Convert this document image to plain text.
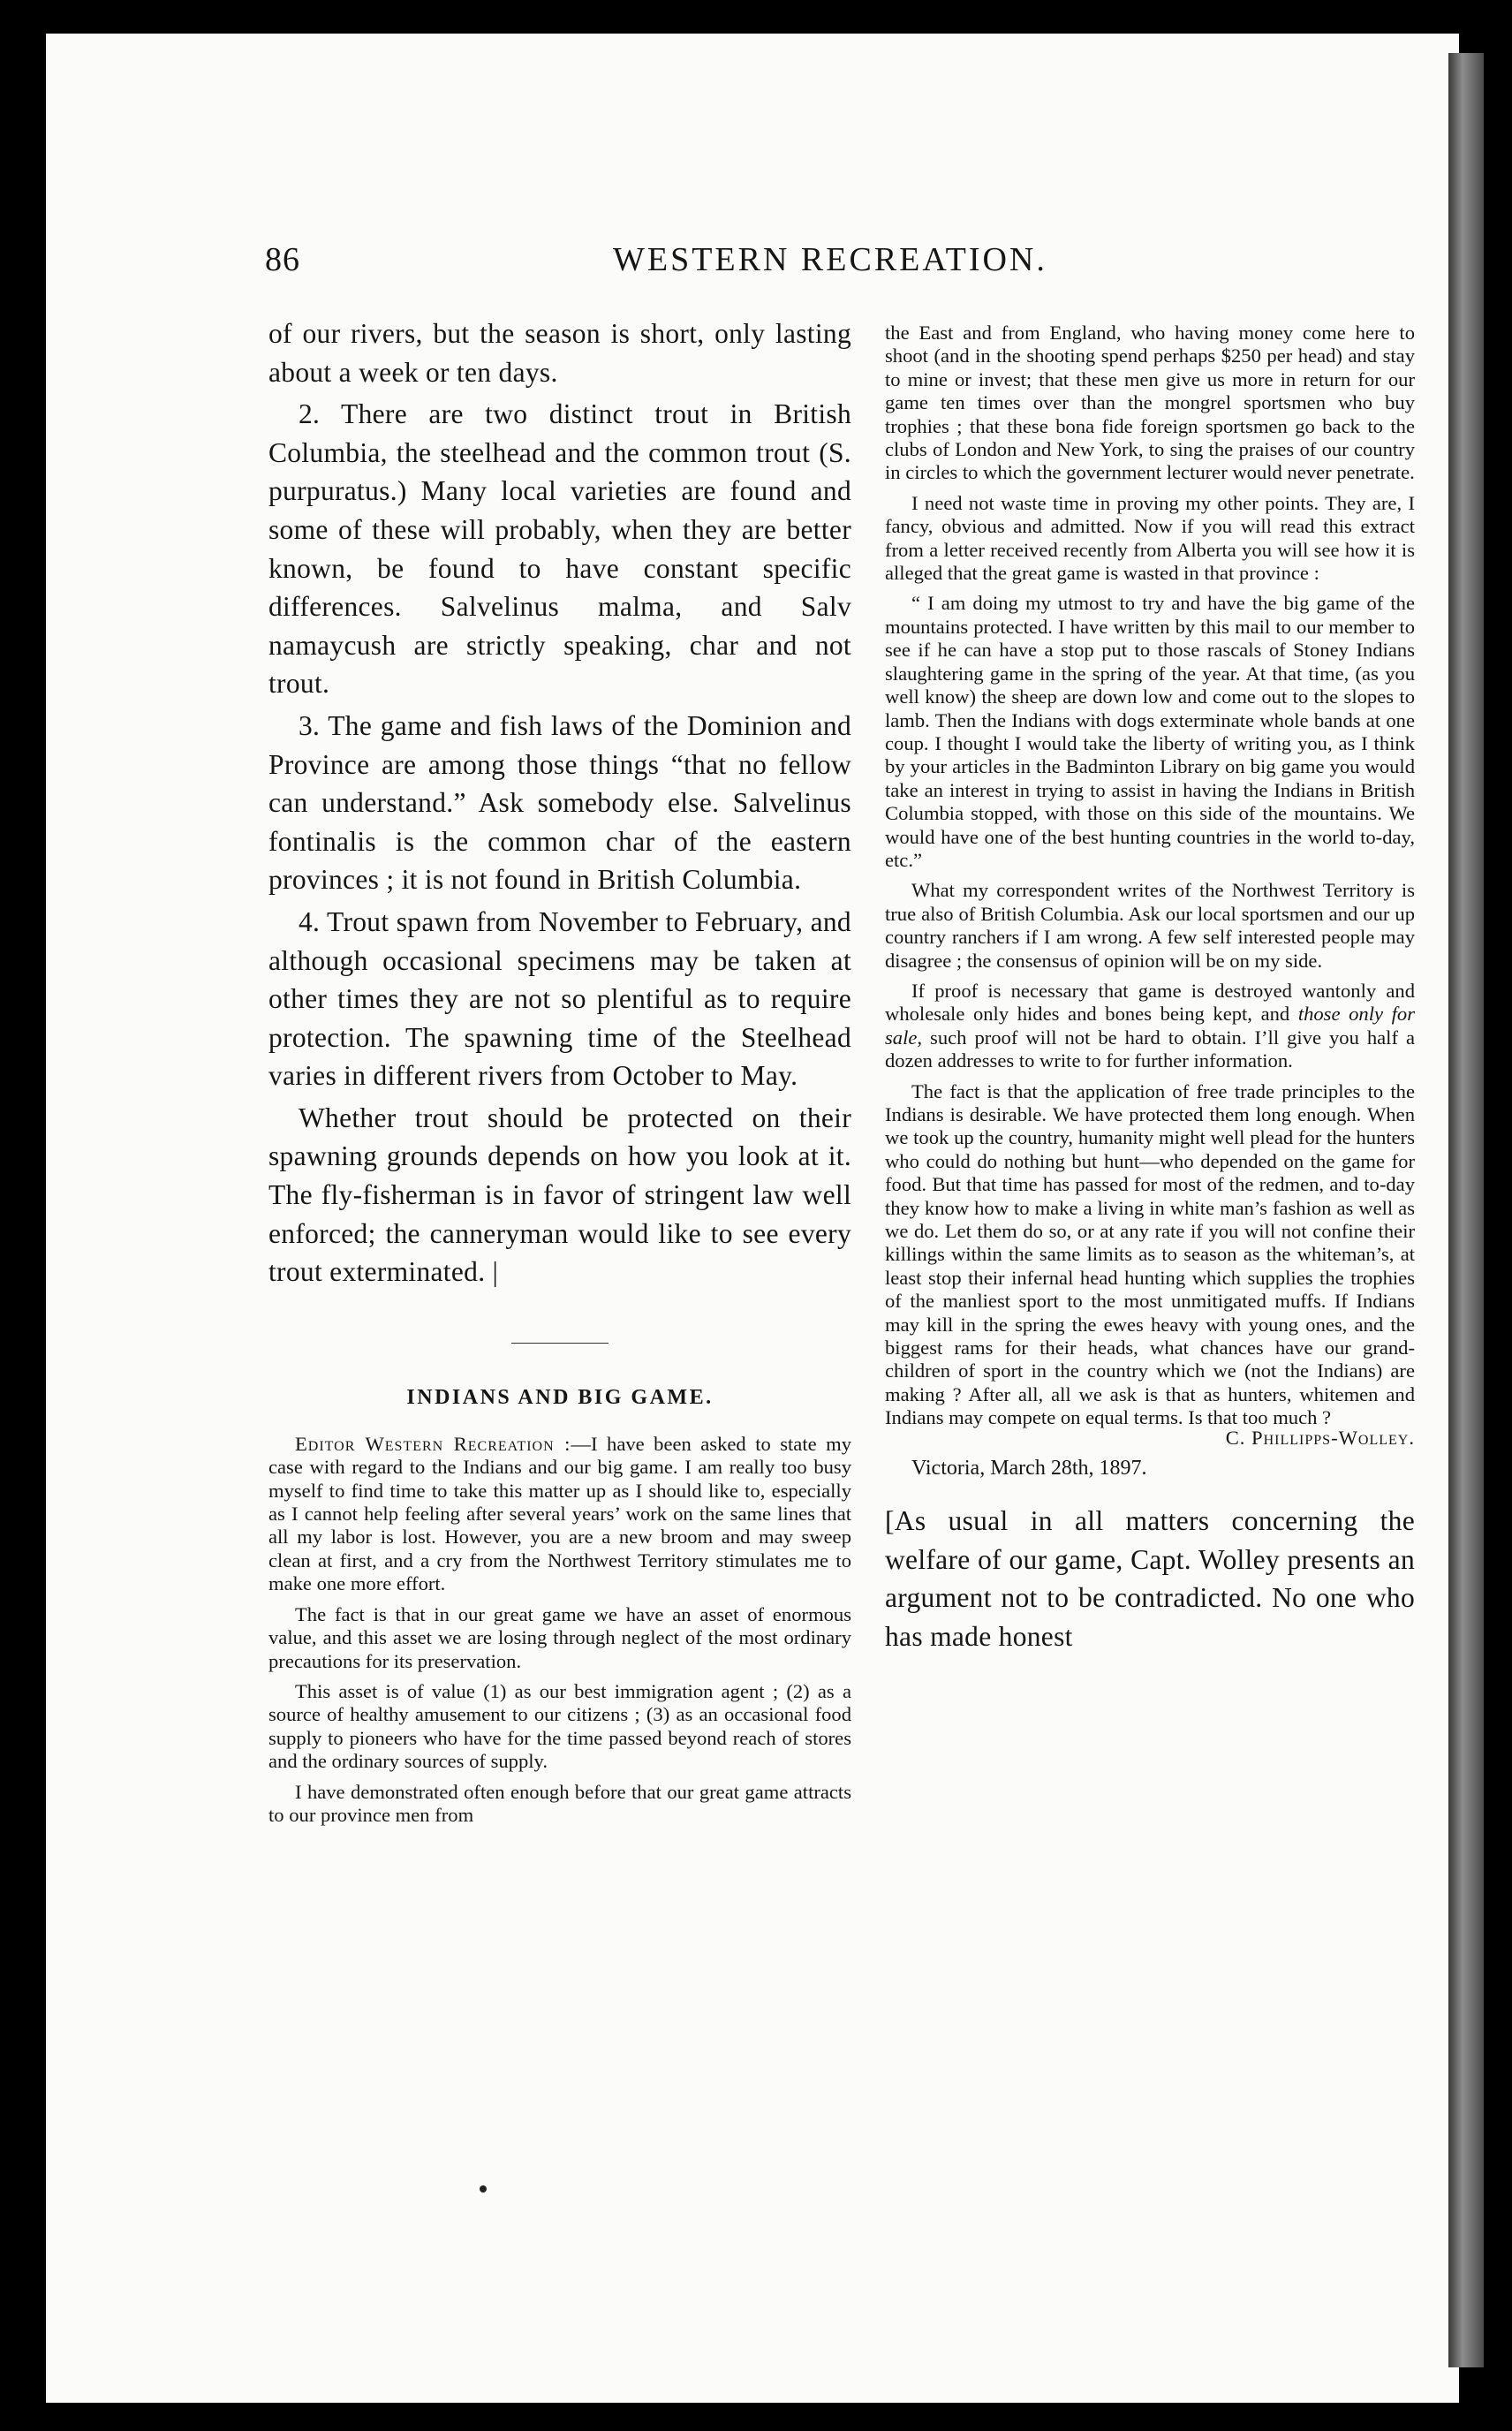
86	WESTERN RECREATION.

of our rivers, but the season is short, only lasting about a week or ten days.

2. There are two distinct trout in British Columbia, the steelhead and the common trout (S. purpuratus.) Many local varieties are found and some of these will probably, when they are better known, be found to have constant specific differences. Salvelinus malma, and Salv namaycush are strictly speaking, char and not trout.

3. The game and fish laws of the Dominion and Province are among those things “that no fellow can understand.” Ask somebody else. Salvelinus fontinalis is the common char of the eastern provinces ; it is not found in British Columbia.

4. Trout spawn from November to February, and although occasional specimens may be taken at other times they are not so plentiful as to require protection. The spawning time of the Steelhead varies in different rivers from October to May.

Whether trout should be protected on their spawning grounds depends on how you look at it. The fly-fisherman is in favor of stringent law well enforced; the canneryman would like to see every trout exterminated. |

INDIANS AND BIG GAME.

Editor Western Recreation :—I have been asked to state my case with regard to the Indians and our big game. I am really too busy myself to find time to take this matter up as I should like to, especially as I cannot help feeling after several years’ work on the same lines that all my labor is lost. However, you are a new broom and may sweep clean at first, and a cry from the Northwest Territory stimulates me to make one more effort.

The fact is that in our great game we have an asset of enormous value, and this asset we are losing through neglect of the most ordinary precautions for its preservation.

This asset is of value (1) as our best immigration agent ; (2) as a source of healthy amusement to our citizens ; (3) as an occasional food supply to pioneers who have for the time passed beyond reach of stores and the ordinary sources of supply.

I have demonstrated often enough before that our great game attracts to our province men from

the East and from England, who having money come here to shoot (and in the shooting spend perhaps $250 per head) and stay to mine or invest; that these men give us more in return for our game ten times over than the mongrel sportsmen who buy trophies ; that these bona fide foreign sportsmen go back to the clubs of London and New York, to sing the praises of our country in circles to which the government lecturer would never penetrate.

I need not waste time in proving my other points. They are, I fancy, obvious and admitted. Now if you will read this extract from a letter received recently from Alberta you will see how it is alleged that the great game is wasted in that province :

“ I am doing my utmost to try and have the big game of the mountains protected. I have written by this mail to our member to see if he can have a stop put to those rascals of Stoney Indians slaughtering game in the spring of the year. At that time, (as you well know) the sheep are down low and come out to the slopes to lamb. Then the Indians with dogs exterminate whole bands at one coup. I thought I would take the liberty of writing you, as I think by your articles in the Badminton Library on big game you would take an interest in trying to assist in having the Indians in British Columbia stopped, with those on this side of the mountains. We would have one of the best hunting countries in the world to-day, etc.”

What my correspondent writes of the Northwest Territory is true also of British Columbia. Ask our local sportsmen and our up country ranchers if I am wrong. A few self interested people may disagree ; the consensus of opinion will be on my side.

If proof is necessary that game is destroyed wantonly and wholesale only hides and bones being kept, and those only for sale, such proof will not be hard to obtain. I’ll give you half a dozen addresses to write to for further information.

The fact is that the application of free trade principles to the Indians is desirable. We have protected them long enough. When we took up the country, humanity might well plead for the hunters who could do nothing but hunt—who depended on the game for food. But that time has passed for most of the redmen, and to-day they know how to make a living in white man’s fashion as well as we do. Let them do so, or at any rate if you will not confine their killings within the same limits as to season as the whiteman’s, at least stop their infernal head hunting which supplies the trophies of the manliest sport to the most unmitigated muffs. If Indians may kill in the spring the ewes heavy with young ones, and the biggest rams for their heads, what chances have our grand-children of sport in the country which we (not the Indians) are making ? After all, all we ask is that as hunters, whitemen and Indians may compete on equal terms. Is that too much ?
C. Phillipps-Wolley.

Victoria, March 28th, 1897.

[As usual in all matters concerning the welfare of our game, Capt. Wolley presents an argument not to be contradicted. No one who has made honest
